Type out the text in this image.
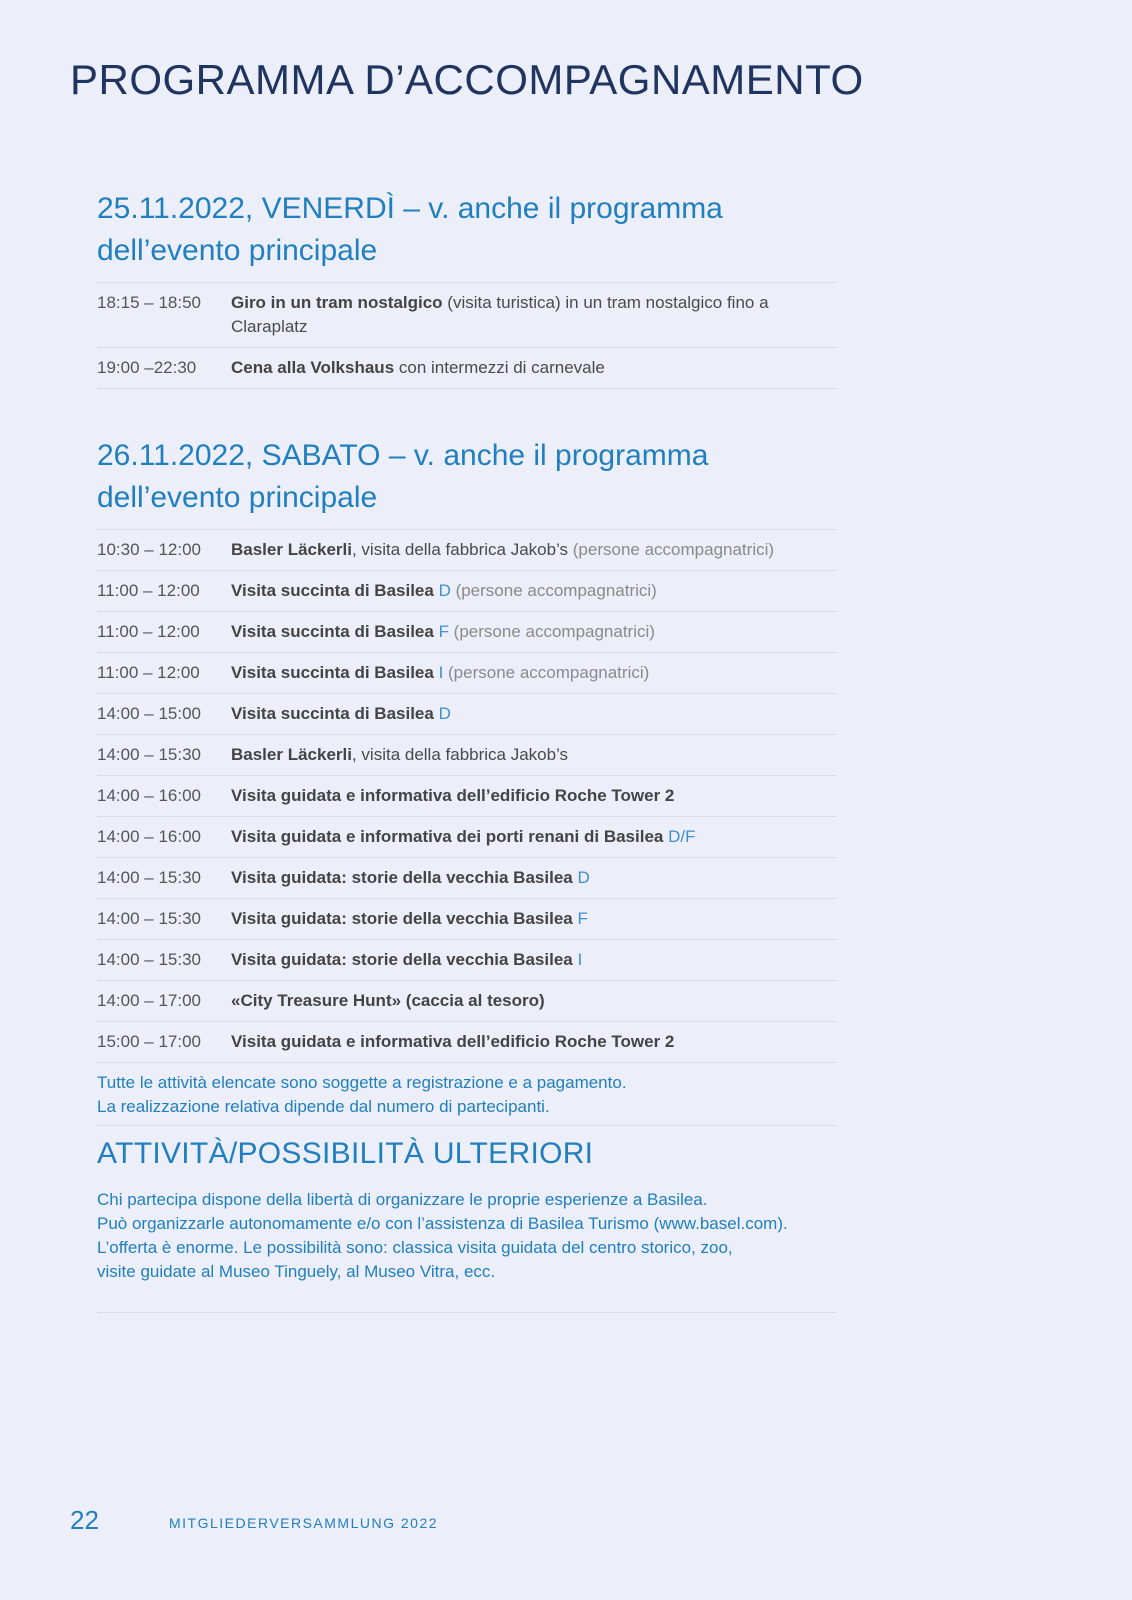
PROGRAMMA D’ACCOMPAGNAMENTO
25.11.2022, VENERDÌ – v. anche il programma
dell’evento principale
18:15 – 18:50	Giro in un tram nostalgico (visita turistica) in un tram nostalgico fino a Claraplatz
19:00 –22:30	Cena alla Volkshaus con intermezzi di carnevale
26.11.2022, SABATO – v. anche il programma
dell’evento principale
10:30 – 12:00	Basler Läckerli, visita della fabbrica Jakob’s (persone accompagnatrici)
11:00 – 12:00	Visita succinta di Basilea D (persone accompagnatrici)
11:00 – 12:00	Visita succinta di Basilea F (persone accompagnatrici)
11:00 – 12:00	Visita succinta di Basilea I (persone accompagnatrici)
14:00 – 15:00	Visita succinta di Basilea D
14:00 – 15:30	Basler Läckerli, visita della fabbrica Jakob’s
14:00 – 16:00	Visita guidata e informativa dell’edificio Roche Tower 2
14:00 – 16:00	Visita guidata e informativa dei porti renani di Basilea D/F
14:00 – 15:30	Visita guidata: storie della vecchia Basilea D
14:00 – 15:30	Visita guidata: storie della vecchia Basilea F
14:00 – 15:30	Visita guidata: storie della vecchia Basilea I
14:00 – 17:00	«City Treasure Hunt» (caccia al tesoro)
15:00 – 17:00	Visita guidata e informativa dell’edificio Roche Tower 2
Tutte le attività elencate sono soggette a registrazione e a pagamento.
La realizzazione relativa dipende dal numero di partecipanti.
ATTIVITÀ/POSSIBILITÀ ULTERIORI
Chi partecipa dispone della libertà di organizzare le proprie esperienze a Basilea.
Può organizzarle autonomamente e/o con l’assistenza di Basilea Turismo (www.basel.com).
L’offerta è enorme. Le possibilità sono: classica visita guidata del centro storico, zoo,
visite guidate al Museo Tinguely, al Museo Vitra, ecc.
22	MITGLIEDERVERSAMMLUNG 2022
